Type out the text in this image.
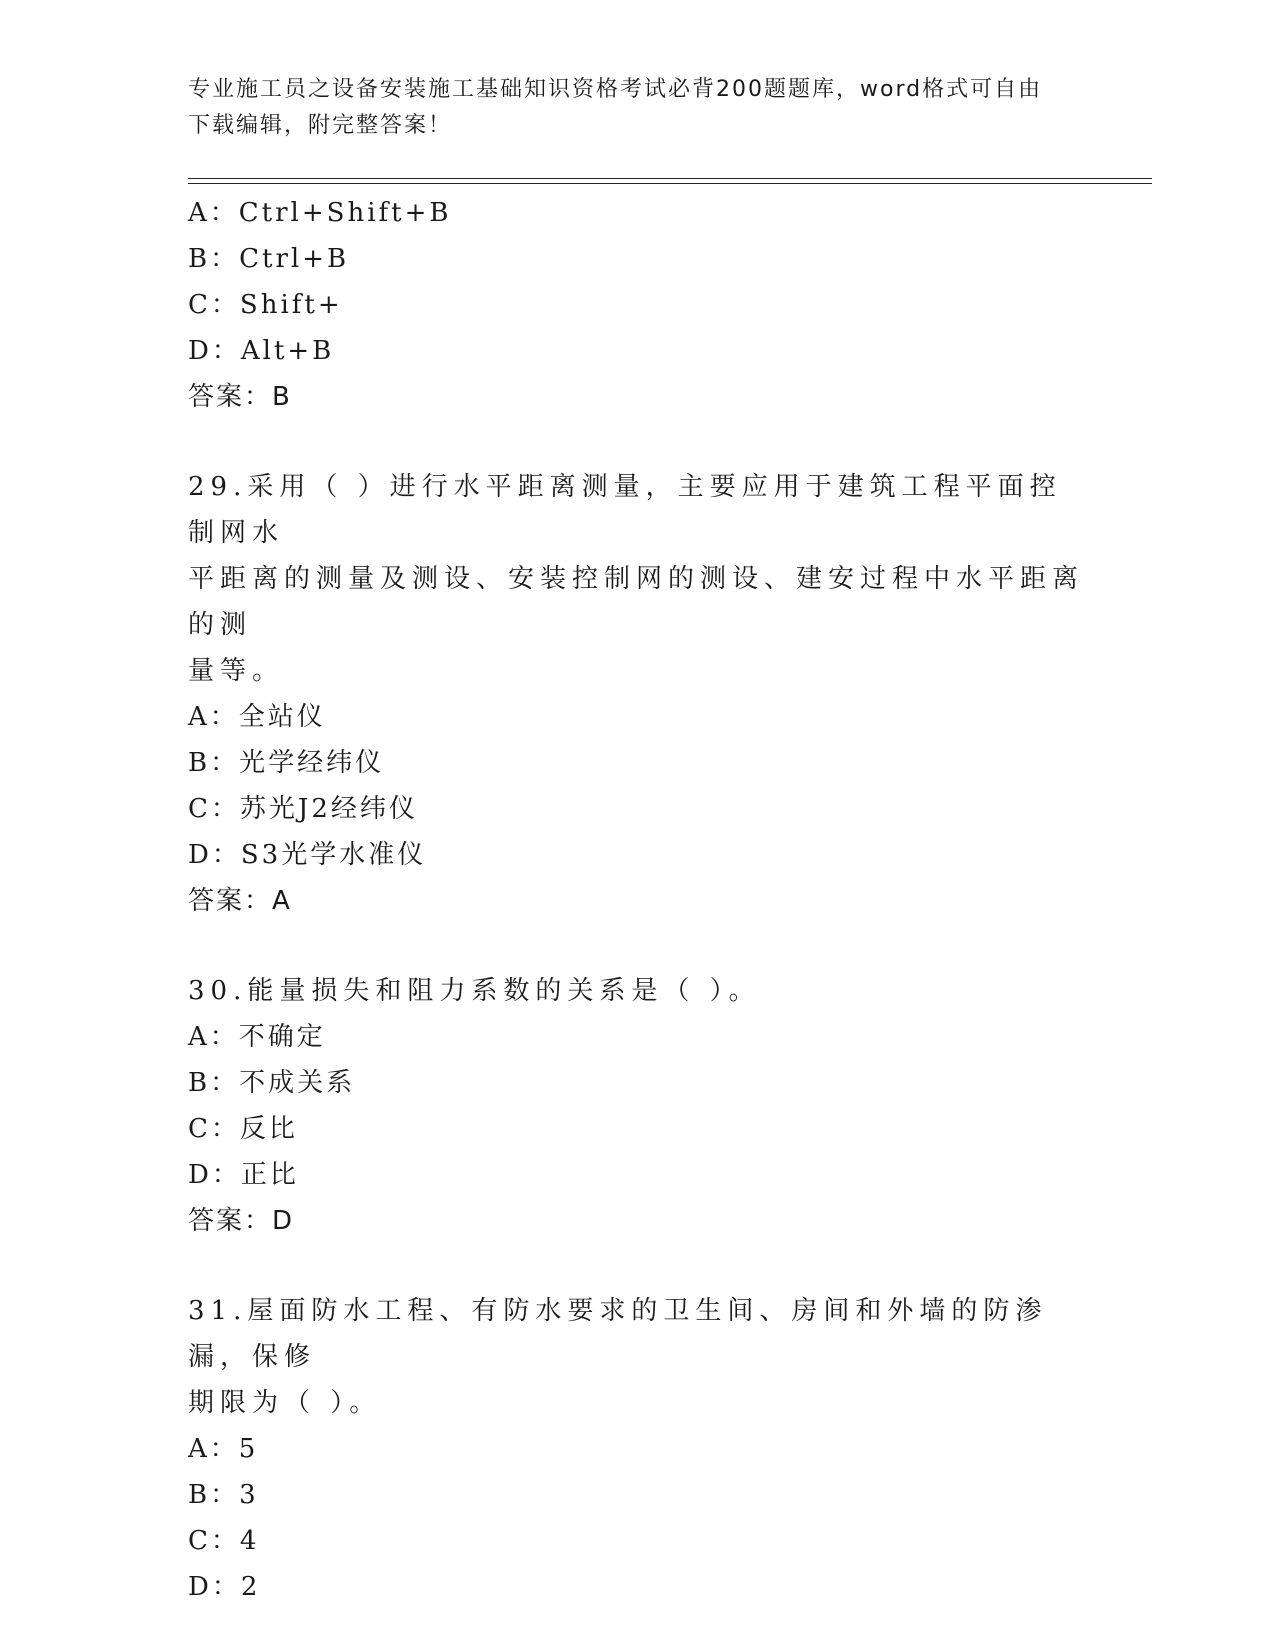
专业施工员之设备安装施工基础知识资格考试必背200题题库，word格式可自由
下载编辑，附完整答案！
A：Ctrl+Shift+B
B：Ctrl+B
C：Shift+
D：Alt+B
答案：B
29.采用（ ）进行水平距离测量，主要应用于建筑工程平面控制网水
平距离的测量及测设、安装控制网的测设、建安过程中水平距离的测
量等。
A：全站仪
B：光学经纬仪
C：苏光J2经纬仪
D：S3光学水准仪
答案：A
30.能量损失和阻力系数的关系是（ ）。
A：不确定
B：不成关系
C：反比
D：正比
答案：D
31.屋面防水工程、有防水要求的卫生间、房间和外墙的防渗漏，保修
期限为（ ）。
A：5
B：3
C：4
D：2
